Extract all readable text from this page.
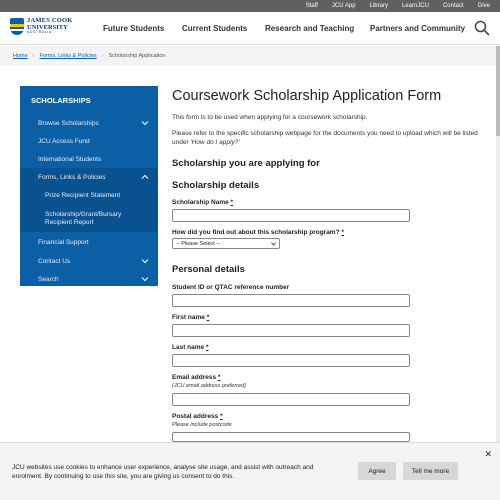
Staff JCU App Library LearnJCU Contact Give
JAMES COOK
UNIVERSITY
AUSTRALIA	Future Students Current Students Research and Teaching Partners and Community
Home › Forms, Links & Policies › Scholarship Application
SCHOLARSHIPS
Browse Scholarships
JCU Access Fund
International Students
Forms, Links & Policies
Prize Recipient Statement
Scholarship/Grant/Bursary Recipient Report
Financial Support
Contact Us
Search
Coursework Scholarship Application Form
This form is to be used when applying for a coursework scholarship.
Please refer to the specific scholarship webpage for the documents you need to upload which will be listed under 'How do I apply?'
Scholarship you are applying for
Scholarship details
Scholarship Name *
How did you find out about this scholarship program? *
-- Please Select --
Personal details
Student ID or QTAC reference number
First name *
Last name *
Email address *
(JCU email address preferred)
Postal address *
Please include postcode
✕
JCU websites use cookies to enhance user experience, analyse site usage, and assist with outreach and enrolment. By continuing to use this site, you are giving us consent to do this.
Agree	Tell me more
